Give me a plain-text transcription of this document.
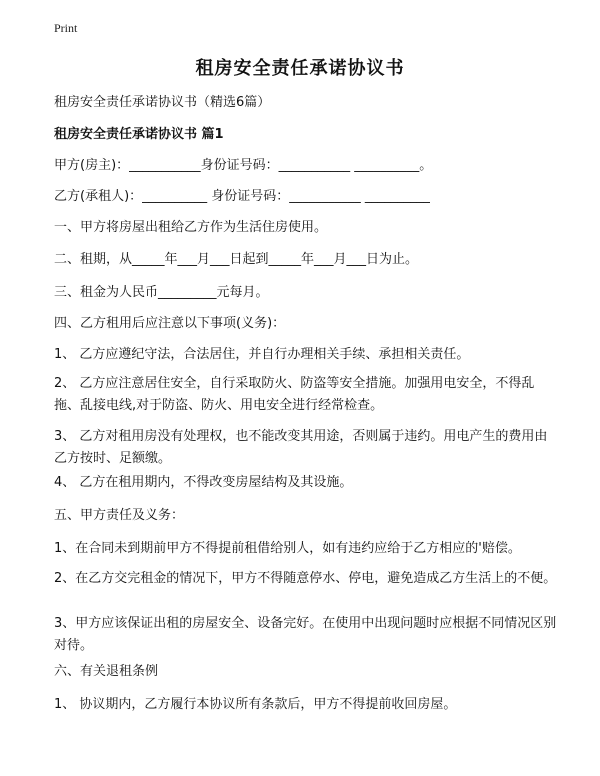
Print
租房安全责任承诺协议书
租房安全责任承诺协议书（精选6篇）
租房安全责任承诺协议书 篇1
甲方(房主)：___________身份证号码：___________ __________。
乙方(承租人)：__________ 身份证号码：___________ __________
一、甲方将房屋出租给乙方作为生活住房使用。
二、租期，从_____年___月___日起到_____年___月___日为止。
三、租金为人民币_________元每月。
四、乙方租用后应注意以下事项(义务)：
1、 乙方应遵纪守法，合法居住，并自行办理相关手续、承担相关责任。
2、 乙方应注意居住安全，自行采取防火、防盗等安全措施。加强用电安全，不得乱拖、乱接电线,对于防盗、防火、用电安全进行经常检查。
3、 乙方对租用房没有处理权，也不能改变其用途，否则属于违约。用电产生的费用由乙方按时、足额缴。
4、 乙方在租用期内，不得改变房屋结构及其设施。
五、甲方责任及义务：
1、在合同未到期前甲方不得提前租借给别人，如有违约应给于乙方相应的'赔偿。
2、在乙方交完租金的情况下，甲方不得随意停水、停电，避免造成乙方生活上的不便。
3、甲方应该保证出租的房屋安全、设备完好。在使用中出现问题时应根据不同情况区别对待。
六、有关退租条例
1、 协议期内，乙方履行本协议所有条款后，甲方不得提前收回房屋。
